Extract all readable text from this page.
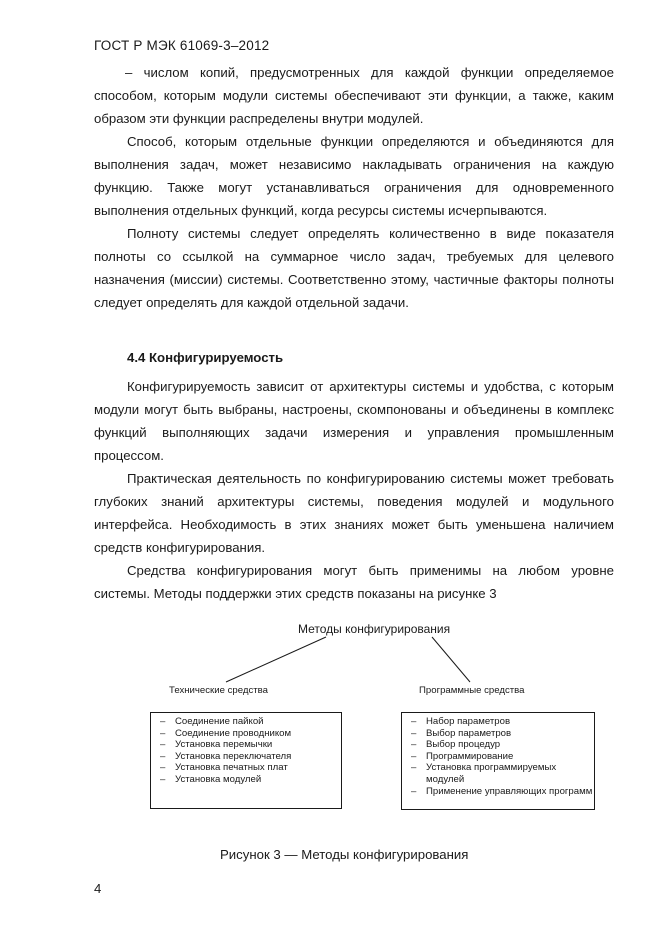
ГОСТ Р МЭК 61069-3–2012

– числом копий, предусмотренных для каждой функции определяемое способом, которым модули системы обеспечивают эти функции, а также, каким образом эти функции распределены внутри модулей.

Способ, которым отдельные функции определяются и объединяются для выполнения задач, может независимо накладывать ограничения на каждую функцию. Также могут устанавливаться ограничения для одновременного выполнения отдельных функций, когда ресурсы системы исчерпываются.

Полноту системы следует определять количественно в виде показателя полноты со ссылкой на суммарное число задач, требуемых для целевого назначения (миссии) системы. Соответственно этому, частичные факторы полноты следует определять для каждой отдельной задачи.

4.4 Конфигурируемость

Конфигурируемость зависит от архитектуры системы и удобства, с которым модули могут быть выбраны, настроены, скомпонованы и объединены в комплекс функций выполняющих задачи измерения и управления промышленным процессом.

Практическая деятельность по конфигурированию системы может требовать глубоких знаний архитектуры системы, поведения модулей и модульного интерфейса. Необходимость в этих знаниях может быть уменьшена наличием средств конфигурирования.

Средства конфигурирования могут быть применимы на любом уровне системы. Методы поддержки этих средств показаны на рисунке 3

Методы конфигурирования
Технические средства	Программные средства
– Соединение пайкой
– Соединение проводником
– Установка перемычки
– Установка переключателя
– Установка печатных плат
– Установка модулей
– Набор параметров
– Выбор параметров
– Выбор процедур
– Программирование
– Установка программируемых модулей
– Применение управляющих программ
Рисунок 3 — Методы конфигурирования
4
